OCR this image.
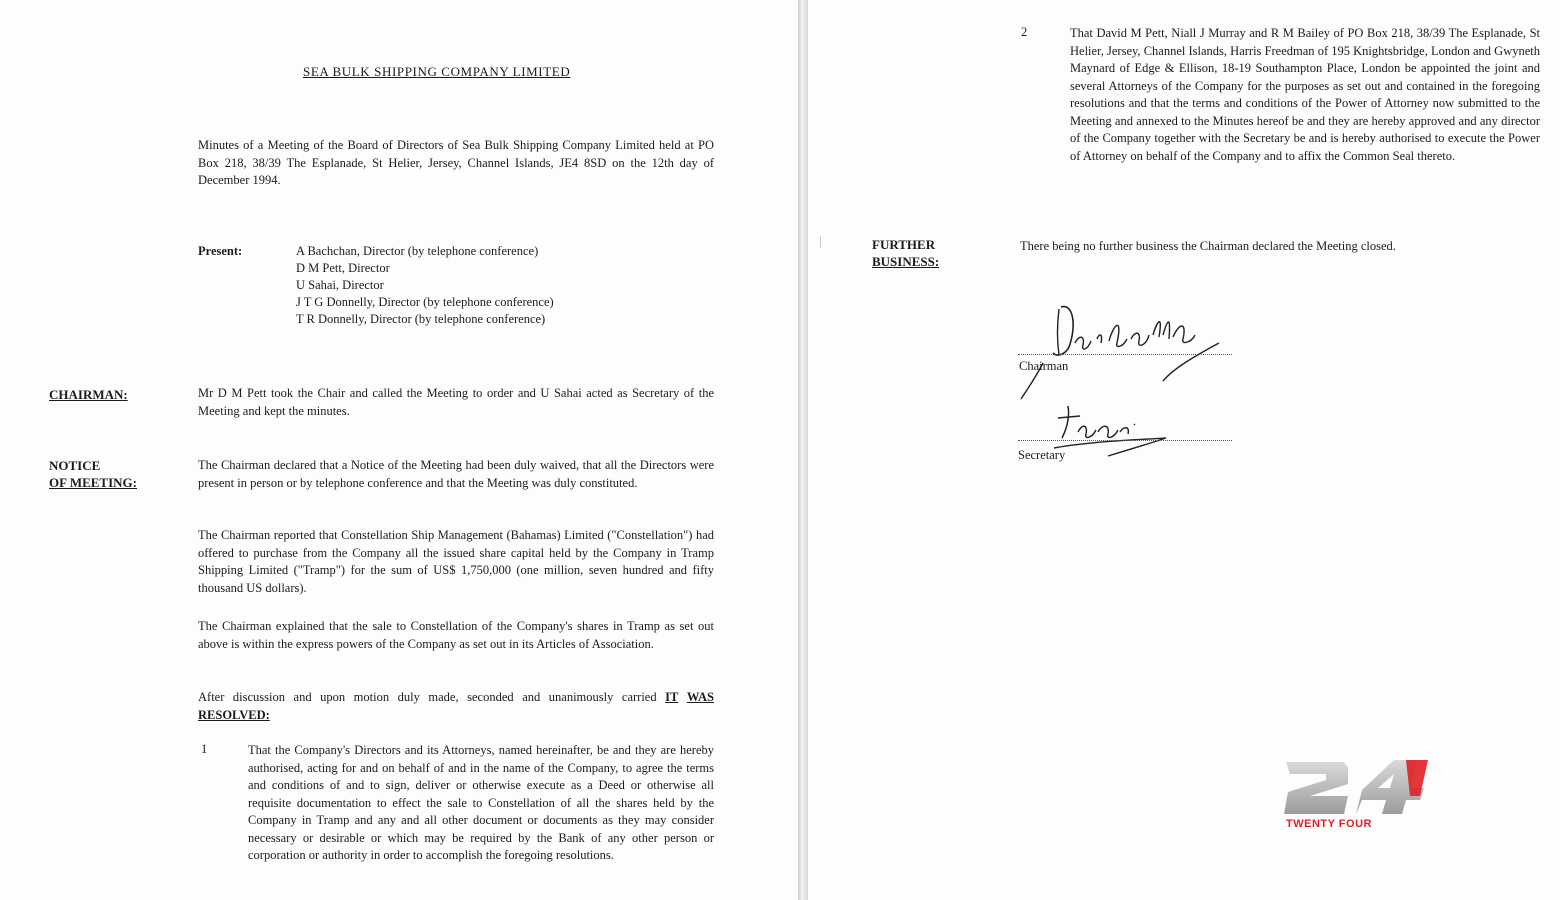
SEA BULK SHIPPING COMPANY LIMITED
Minutes of a Meeting of the Board of Directors of Sea Bulk Shipping Company Limited held at PO Box 218, 38/39 The Esplanade, St Helier, Jersey, Channel Islands, JE4 8SD on the 12th day of December 1994.
Present:	A Bachchan, Director (by telephone conference)
D M Pett, Director
U Sahai, Director
J T G Donnelly, Director (by telephone conference)
T R Donnelly, Director (by telephone conference)
CHAIRMAN:	Mr D M Pett took the Chair and called the Meeting to order and U Sahai acted as Secretary of the Meeting and kept the minutes.
NOTICE
OF MEETING:
The Chairman declared that a Notice of the Meeting had been duly waived, that all the Directors were present in person or by telephone conference and that the Meeting was duly constituted.
The Chairman reported that Constellation Ship Management (Bahamas) Limited ("Constellation") had offered to purchase from the Company all the issued share capital held by the Company in Tramp Shipping Limited ("Tramp") for the sum of US$ 1,750,000 (one million, seven hundred and fifty thousand US dollars).
The Chairman explained that the sale to Constellation of the Company's shares in Tramp as set out above is within the express powers of the Company as set out in its Articles of Association.
After discussion and upon motion duly made, seconded and unanimously carried IT WAS RESOLVED:
1	That the Company's Directors and its Attorneys, named hereinafter, be and they are hereby authorised, acting for and on behalf of and in the name of the Company, to agree the terms and conditions of and to sign, deliver or otherwise execute as a Deed or otherwise all requisite documentation to effect the sale to Constellation of all the shares held by the Company in Tramp and any and all other document or documents as they may consider necessary or desirable or which may be required by the Bank of any other person or corporation or authority in order to accomplish the foregoing resolutions.
2	That David M Pett, Niall J Murray and R M Bailey of PO Box 218, 38/39 The Esplanade, St Helier, Jersey, Channel Islands, Harris Freedman of 195 Knightsbridge, London and Gwyneth Maynard of Edge & Ellison, 18-19 Southampton Place, London be appointed the joint and several Attorneys of the Company for the purposes as set out and contained in the foregoing resolutions and that the terms and conditions of the Power of Attorney now submitted to the Meeting and annexed to the Minutes hereof be and they are hereby approved and any director of the Company together with the Secretary be and is hereby authorised to execute the Power of Attorney on behalf of the Company and to affix the Common Seal thereto.
FURTHER
BUSINESS:
There being no further business the Chairman declared the Meeting closed.
Chairman
Secretary
TWENTY FOUR
